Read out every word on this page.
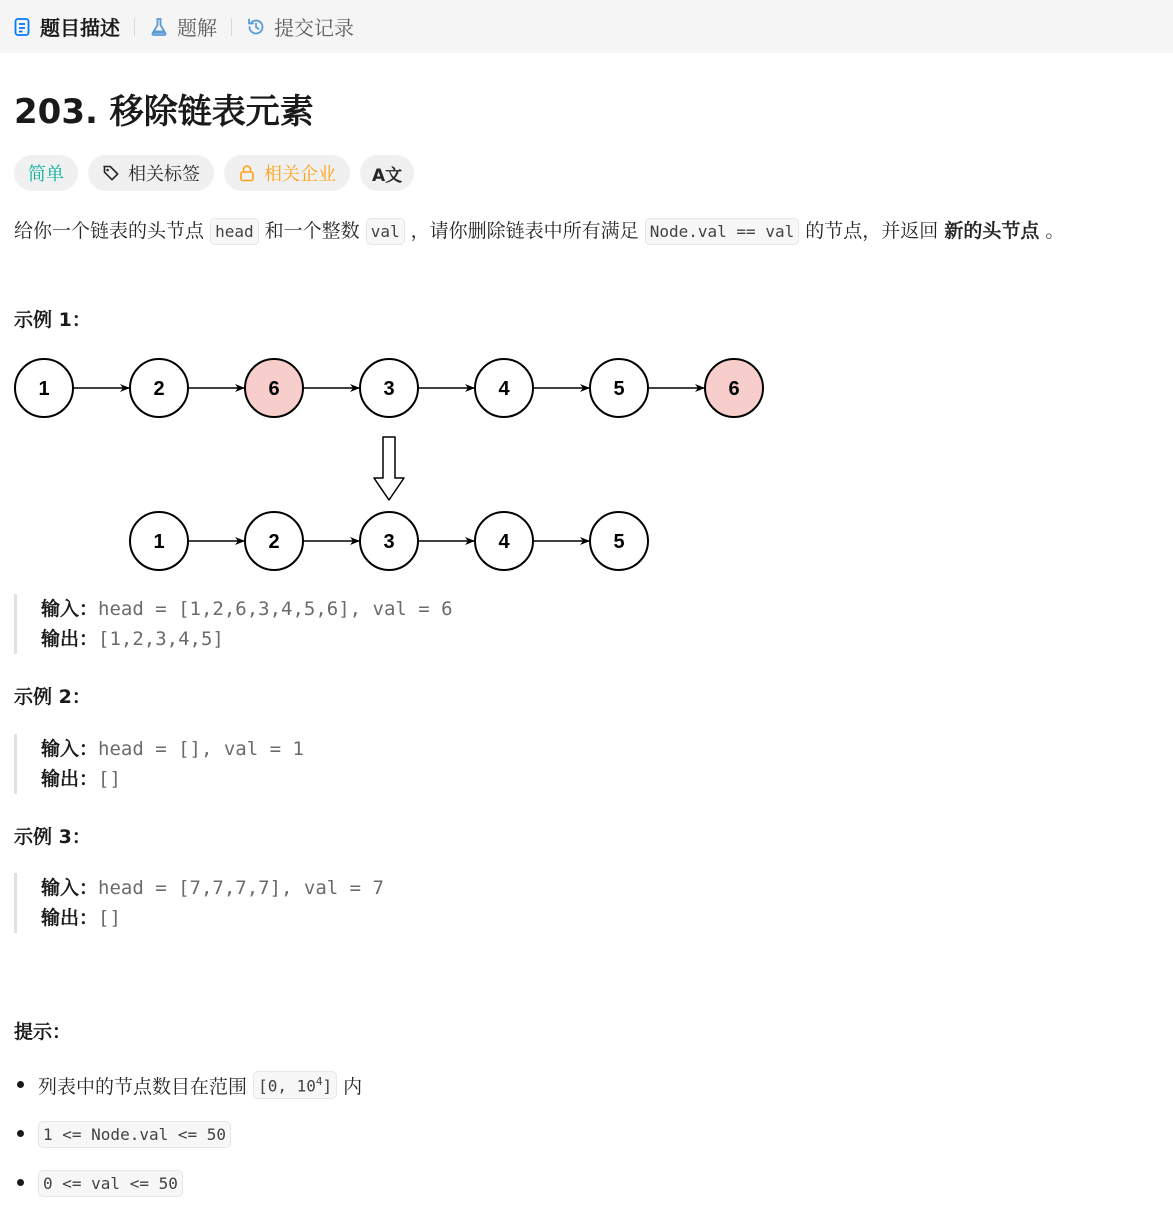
题目描述	题解	提交记录
203. 移除链表元素
简单	相关标签	相关企业 A文
给你一个链表的头节点 head 和一个整数 val ，请你删除链表中所有满足 Node.val == val 的节点，并返回 新的头节点 。
示例 1：
1	2	6	3	4	5	6
1	2	3	4	5
输入：head = [1,2,6,3,4,5,6], val = 6
输出：[1,2,3,4,5]
示例 2：
输入：head = [], val = 1
输出：[]
示例 3：
输入：head = [7,7,7,7], val = 7
输出：[]
提示：
列表中的节点数目在范围
[0, $10^4$]
内
1 <= Node.val <= 50
0 <= val <= 50
